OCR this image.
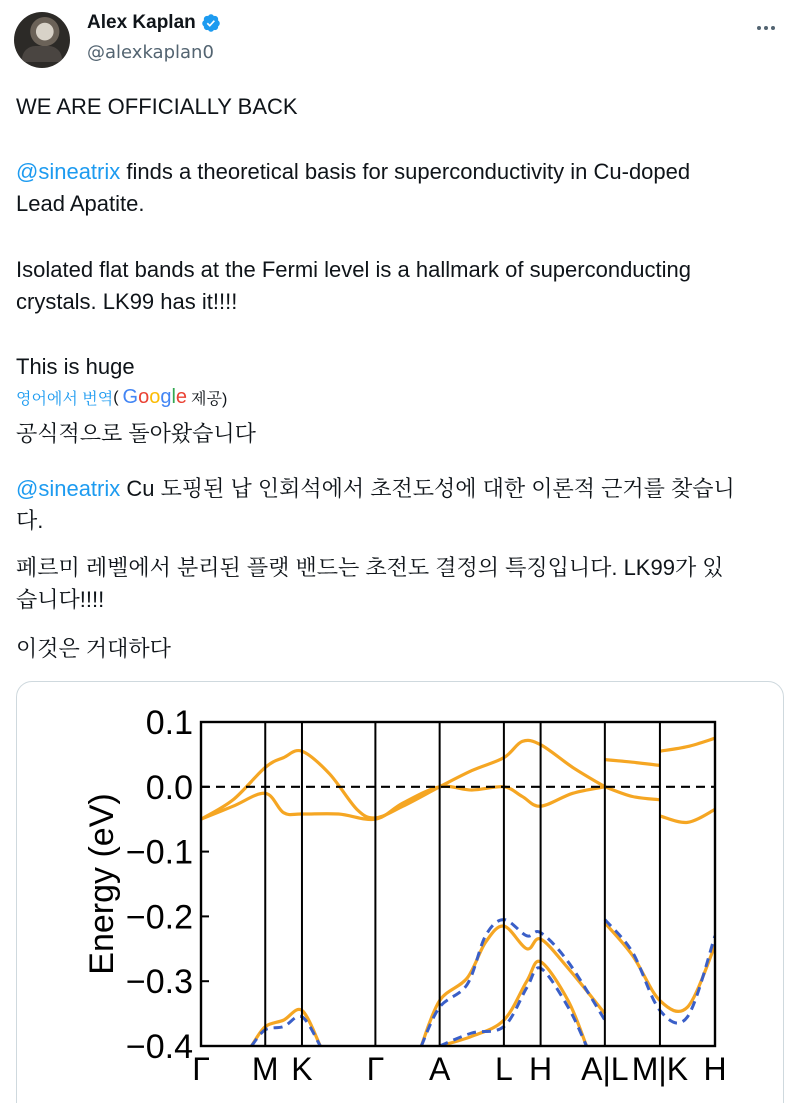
Alex Kaplan
@alexkaplan0
WE ARE OFFICIALLY BACK
@sineatrix finds a theoretical basis for superconductivity in Cu-doped
Lead Apatite.
Isolated flat bands at the Fermi level is a hallmark of superconducting
crystals. LK99 has it!!!!
This is huge
영어에서 번역 ( Google 제공)
공식적으로 돌아왔습니다
@sineatrix Cu 도핑된 납 인회석에서 초전도성에 대한 이론적 근거를 찾습니
다.
페르미 레벨에서 분리된 플랫 밴드는 초전도 결정의 특징입니다. LK99가 있
습니다!!!!
이것은 거대하다
0.1
0.0
−0.1
−0.2
−0.3
−0.4
Energy (eV)
Γ M K Γ A L H A|L M|K H
